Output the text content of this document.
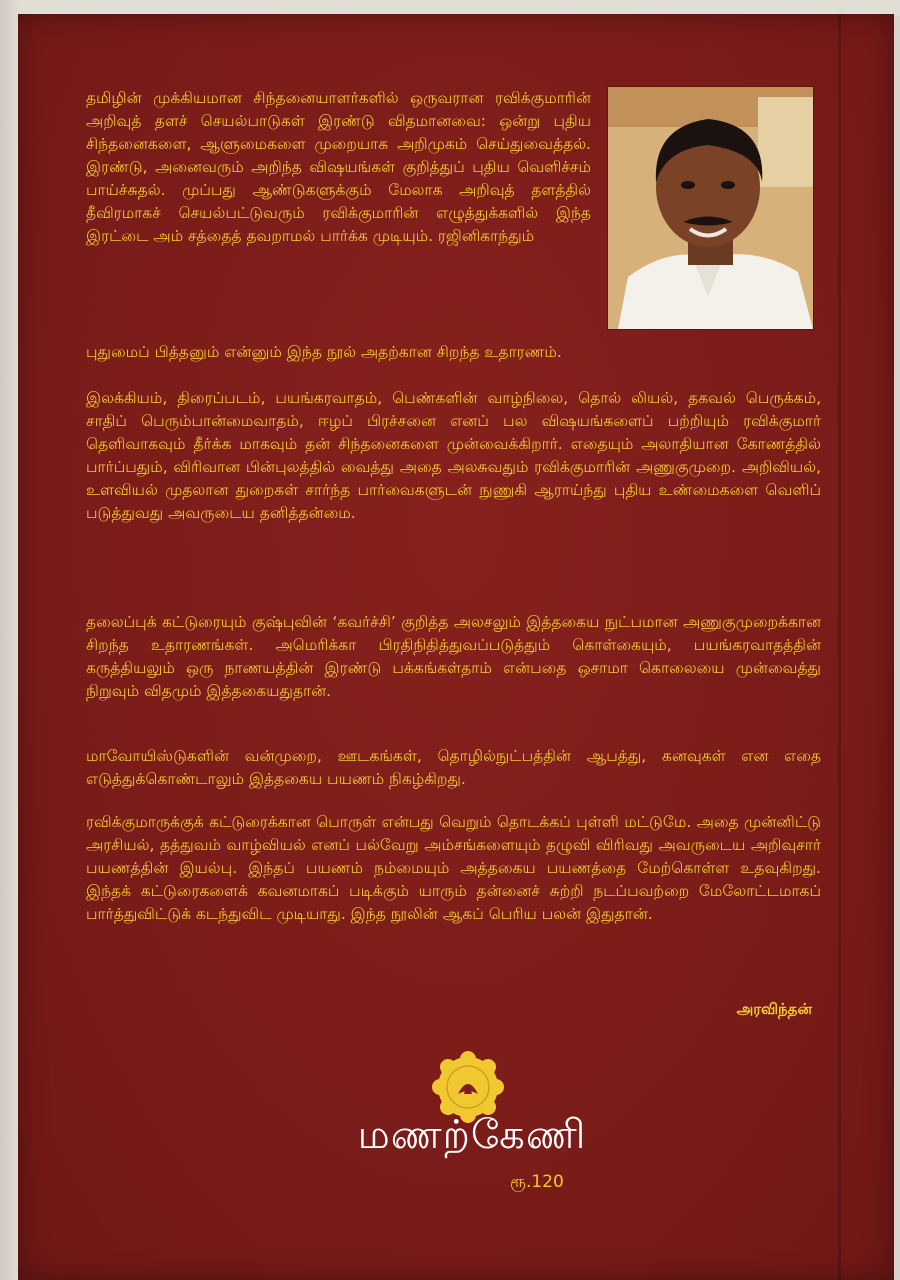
தமிழின் முக்கியமான சிந்தனையாளர்களில் ஒருவரான ரவிக்குமாரின் அறிவுத் தளச் செயல்பாடுகள் இரண்டு விதமானவை: ஒன்று புதிய சிந்தனைகளை, ஆளுமைகளை முறையாக அறிமுகம் செய்துவைத்தல். இரண்டு, அனைவரும் அறிந்த விஷயங்கள் குறித்துப் புதிய வெளிச்சம் பாய்ச்சுதல். முப்பது ஆண்டுகளுக்கும் மேலாக அறிவுத் தளத்தில் தீவிரமாகச் செயல்பட்டுவரும் ரவிக்குமாரின் எழுத்துக்களில் இந்த இரட்டை அம் சத்தைத் தவறாமல் பார்க்க முடியும். ரஜினிகாந்தும்
புதுமைப் பித்தனும் என்னும் இந்த நூல் அதற்கான சிறந்த உதாரணம்.
இலக்கியம், திரைப்படம், பயங்கரவாதம், பெண்களின் வாழ்நிலை, தொல் லியல், தகவல் பெருக்கம், சாதிப் பெரும்பான்மைவாதம், ஈழப் பிரச்சனை எனப் பல விஷயங்களைப் பற்றியும் ரவிக்குமார் தெளிவாகவும் தீர்க்க மாகவும் தன் சிந்தனைகளை முன்வைக்கிறார். எதையும் அலாதியான கோணத்தில் பார்ப்பதும், விரிவான பின்புலத்தில் வைத்து அதை அலசுவதும் ரவிக்குமாரின் அணுகுமுறை. அறிவியல், உளவியல் முதலான துறைகள் சார்ந்த பார்வைகளுடன் நுணுகி ஆராய்ந்து புதிய உண்மைகளை வெளிப் படுத்துவது அவருடைய தனித்தன்மை.
தலைப்புக் கட்டுரையும் குஷ்புவின் ‘கவர்ச்சி’ குறித்த அலசலும் இத்தகைய நுட்பமான அணுகுமுறைக்கான சிறந்த உதாரணங்கள். அமெரிக்கா பிரதிநிதித்துவப்படுத்தும் கொள்கையும், பயங்கரவாதத்தின் கருத்தியலும் ஒரு நாணயத்தின் இரண்டு பக்கங்கள்தாம் என்பதை ஒசாமா கொலையை முன்வைத்து நிறுவும் விதமும் இத்தகையதுதான்.
மாவோயிஸ்டுகளின் வன்முறை, ஊடகங்கள், தொழில்நுட்பத்தின் ஆபத்து, கனவுகள் என எதை எடுத்துக்கொண்டாலும் இத்தகைய பயணம் நிகழ்கிறது.
ரவிக்குமாருக்குக் கட்டுரைக்கான பொருள் என்பது வெறும் தொடக்கப் புள்ளி மட்டுமே. அதை முன்னிட்டு அரசியல், தத்துவம் வாழ்வியல் எனப் பல்வேறு அம்சங்களையும் தழுவி விரிவது அவருடைய அறிவுசார் பயணத்தின் இயல்பு. இந்தப் பயணம் நம்மையும் அத்தகைய பயணத்தை மேற்கொள்ள உதவுகிறது. இந்தக் கட்டுரைகளைக் கவனமாகப் படிக்கும் யாரும் தன்னைச் சுற்றி நடப்பவற்றை மேலோட்டமாகப் பார்த்துவிட்டுக் கடந்துவிட முடியாது. இந்த நூலின் ஆகப் பெரிய பலன் இதுதான்.
அரவிந்தன்
மணற்கேணி
ரூ.120
